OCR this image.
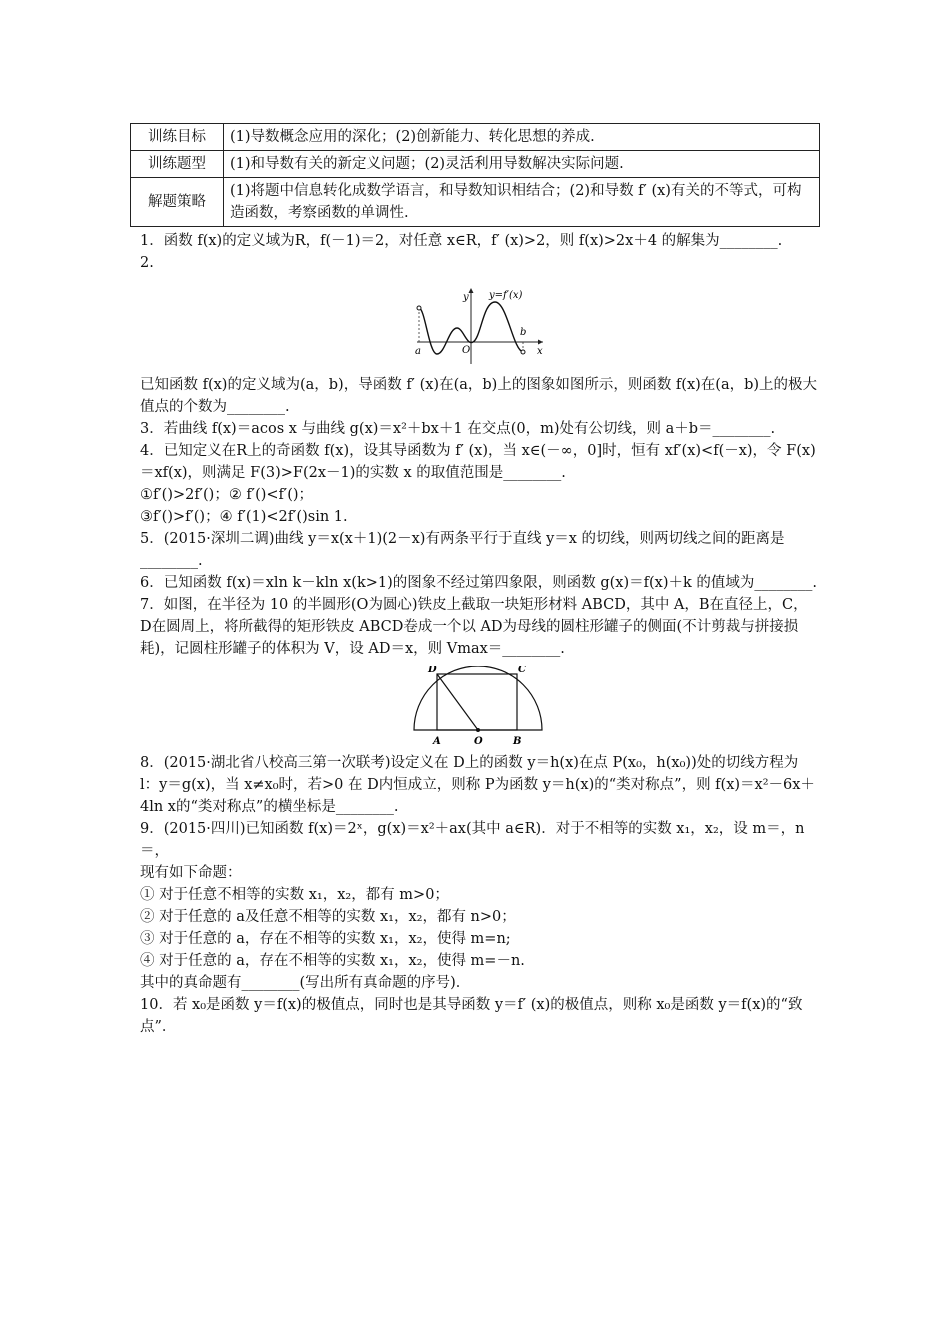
训练目标	(1)导数概念应用的深化；(2)创新能力、转化思想的养成.
训练题型	(1)和导数有关的新定义问题；(2)灵活利用导数解决实际问题.
解题策略	(1)将题中信息转化成数学语言，和导数知识相结合；(2)和导数 f′ (x)有关的不等式，可构造函数，考察函数的单调性.

1．函数 f(x)的定义域为R，f(－1)＝2，对任意 x∈R，f′ (x)>2，则 f(x)>2x＋4 的解集为________.

2.

y y=f′(x)
x
O
a
b

已知函数 f(x)的定义域为(a，b)，导函数 f′ (x)在(a，b)上的图象如图所示，则函数 f(x)在(a，b)上的极大值点的个数为________.

3．若曲线 f(x)＝acos x 与曲线 g(x)＝x²＋bx＋1 在交点(0，m)处有公切线，则 a＋b＝________.

4．已知定义在R上的奇函数 f(x)，设其导函数为 f′ (x)，当 x∈(－∞，0]时，恒有 xf′(x)<f(－x)，令 F(x)＝xf(x)，则满足 F(3)>F(2x－1)的实数 x 的取值范围是________.

①f′()>2f′()；② f′()<f′()；

③f′()>f′()；④ f′(1)<2f′()sin 1.

5．(2015·深圳二调)曲线 y＝x(x＋1)(2－x)有两条平行于直线 y＝x 的切线，则两切线之间的距离是________.

6．已知函数 f(x)＝xln k－kln x(k>1)的图象不经过第四象限，则函数 g(x)＝f(x)＋k 的值域为________.

7．如图，在半径为 10 的半圆形(O为圆心)铁皮上截取一块矩形材料 ABCD，其中 A，B在直径上，C，D在圆周上，将所截得的矩形铁皮 ABCD卷成一个以 AD为母线的圆柱形罐子的侧面(不计剪裁与拼接损耗)，记圆柱形罐子的体积为 V，设 AD＝x，则 Vmax＝________.

D	C
A	O	B

8．(2015·湖北省八校高三第一次联考)设定义在 D上的函数 y＝h(x)在点 P(x₀，h(x₀))处的切线方程为 l：y＝g(x)，当 x≠x₀时，若>0 在 D内恒成立，则称 P为函数 y＝h(x)的“类对称点”，则 f(x)＝x²－6x＋4ln x的“类对称点”的横坐标是________.

9．(2015·四川)已知函数 f(x)＝2ˣ，g(x)＝x²＋ax(其中 a∈R)．对于不相等的实数 x₁，x₂，设 m＝，n＝，

现有如下命题：

① 对于任意不相等的实数 x₁，x₂，都有 m>0；

② 对于任意的 a及任意不相等的实数 x₁，x₂，都有 n>0；

③ 对于任意的 a，存在不相等的实数 x₁，x₂，使得 m=n;

④ 对于任意的 a，存在不相等的实数 x₁，x₂，使得 m=－n.

其中的真命题有________(写出所有真命题的序号)．

10．若 x₀是函数 y＝f(x)的极值点，同时也是其导函数 y＝f′ (x)的极值点，则称 x₀是函数 y＝f(x)的“致点”．
